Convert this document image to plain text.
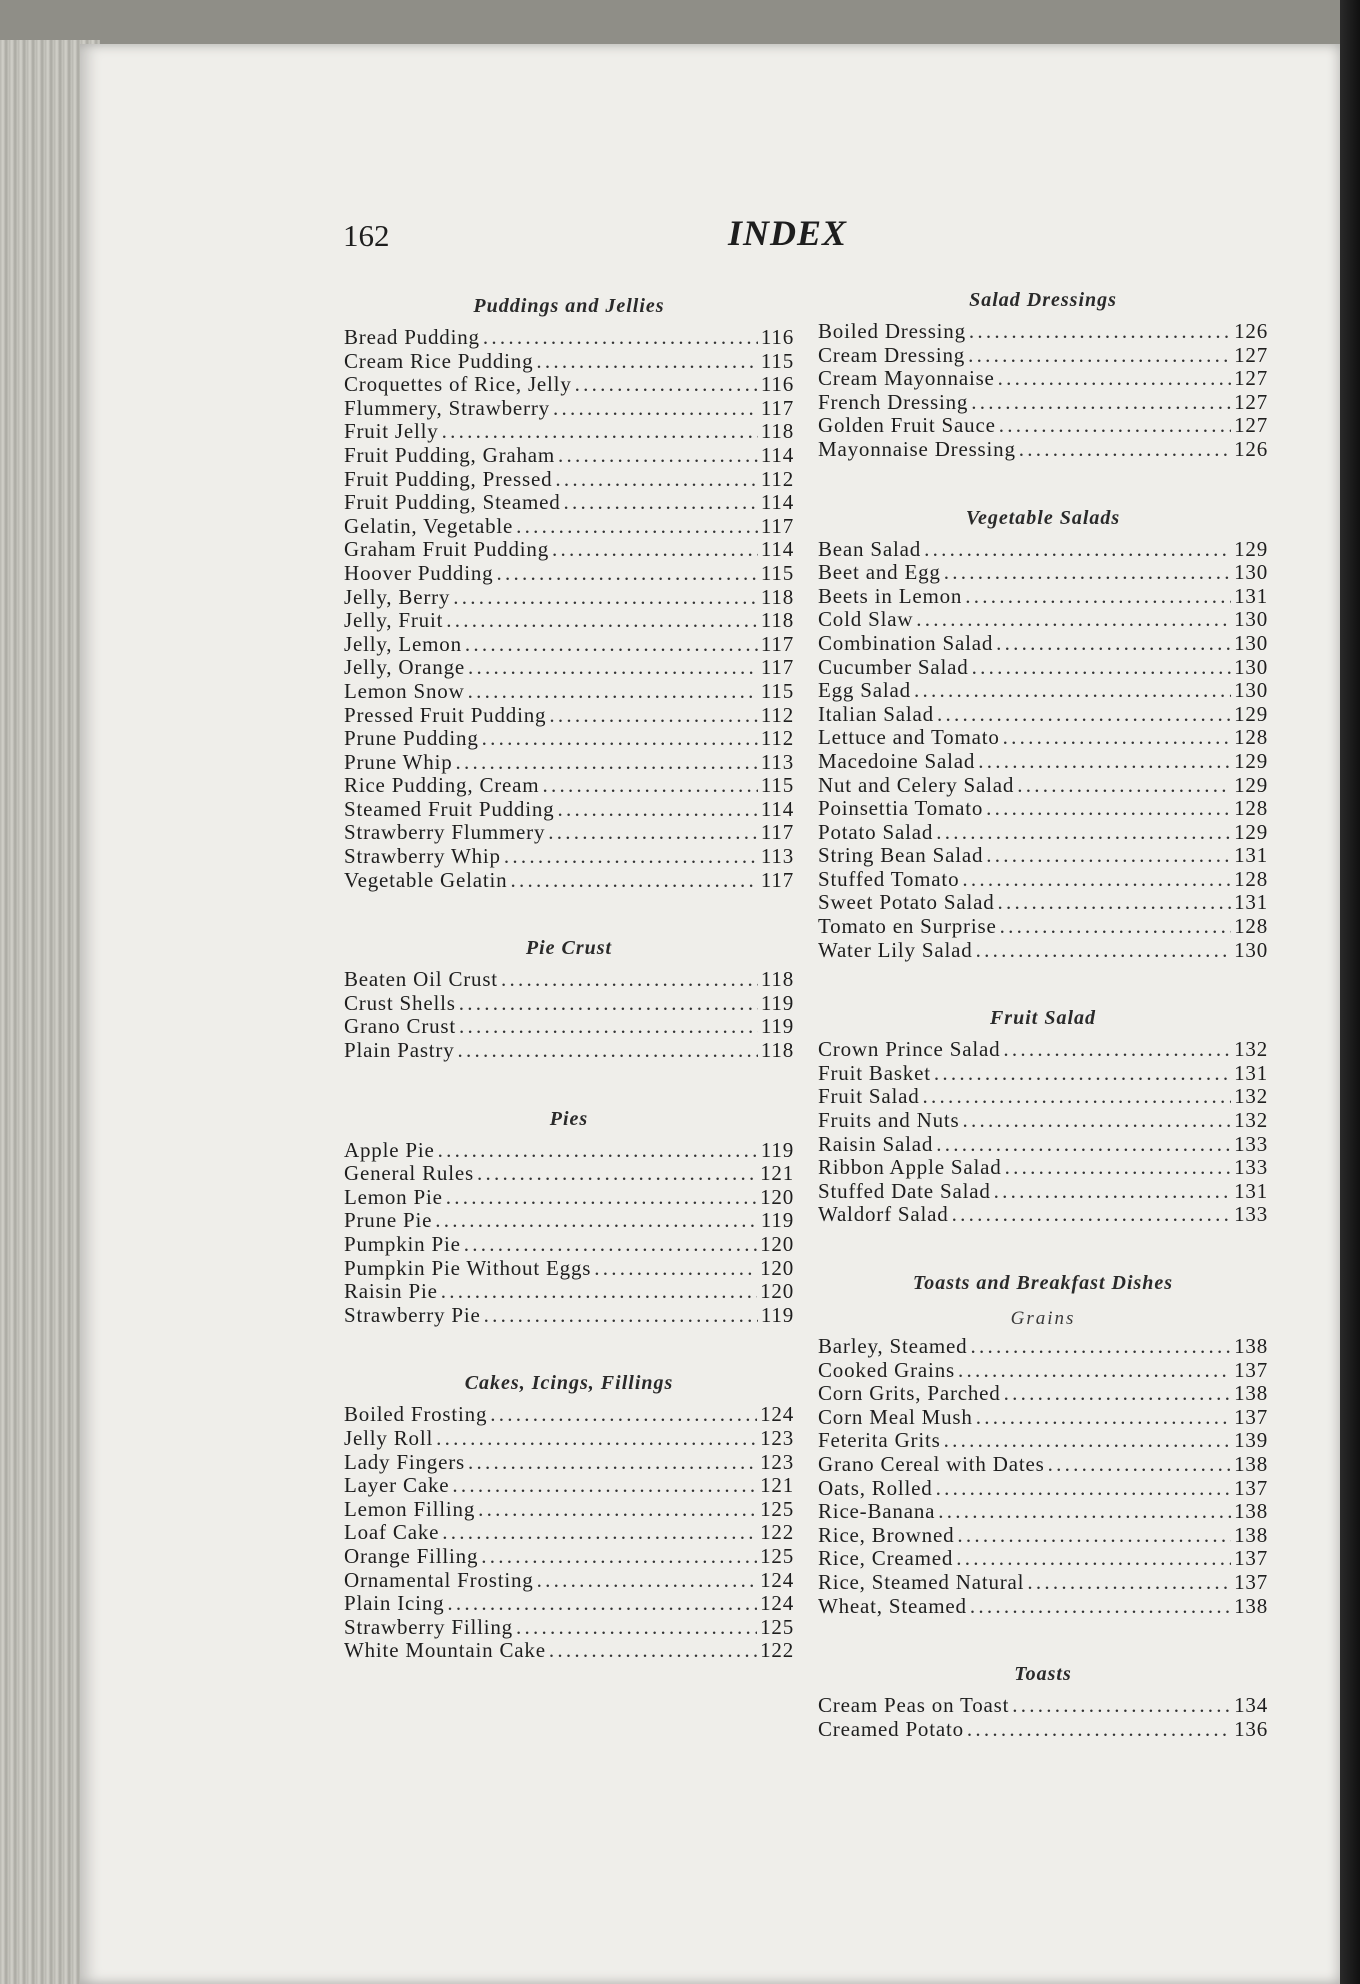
162	INDEX
Puddings and Jellies
Bread Pudding . . .	116
Cream Rice Pudding . . .	115
Croquettes of Rice, Jelly . . .	116
Flummery, Strawberry . . .	117
Fruit Jelly . . .	118
Fruit Pudding, Graham . . .	114
Fruit Pudding, Pressed . . .	112
Fruit Pudding, Steamed . . .	114
Gelatin, Vegetable . . .	117
Graham Fruit Pudding . . .	114
Hoover Pudding . . .	115
Jelly, Berry . . .	118
Jelly, Fruit . . .	118
Jelly, Lemon . . .	117
Jelly, Orange . . .	117
Lemon Snow . . .	115
Pressed Fruit Pudding . . .	112
Prune Pudding . . .	112
Prune Whip . . .	113
Rice Pudding, Cream . . .	115
Steamed Fruit Pudding . . .	114
Strawberry Flummery . . .	117
Strawberry Whip . . .	113
Vegetable Gelatin . . .	117
Pie Crust
Beaten Oil Crust . . .	118
Crust Shells . . .	119
Grano Crust . . .	119
Plain Pastry . . .	118
Pies
Apple Pie . . .	119
General Rules . . .	121
Lemon Pie . . .	120
Prune Pie . . .	119
Pumpkin Pie . . .	120
Pumpkin Pie Without Eggs . . .	120
Raisin Pie . . .	120
Strawberry Pie . . .	119
Cakes, Icings, Fillings
Boiled Frosting . . .	124
Jelly Roll . . .	123
Lady Fingers . . .	123
Layer Cake . . .	121
Lemon Filling . . .	125
Loaf Cake . . .	122
Orange Filling . . .	125
Ornamental Frosting . . .	124
Plain Icing . . .	124
Strawberry Filling . . .	125
White Mountain Cake . . .	122
Salad Dressings
Boiled Dressing . . .	126
Cream Dressing . . .	127
Cream Mayonnaise . . .	127
French Dressing . . .	127
Golden Fruit Sauce . . .	127
Mayonnaise Dressing . . .	126
Vegetable Salads
Bean Salad . . .	129
Beet and Egg . . .	130
Beets in Lemon . . .	131
Cold Slaw . . .	130
Combination Salad . . .	130
Cucumber Salad . . .	130
Egg Salad . . .	130
Italian Salad . . .	129
Lettuce and Tomato . . .	128
Macedoine Salad . . .	129
Nut and Celery Salad . . .	129
Poinsettia Tomato . . .	128
Potato Salad . . .	129
String Bean Salad . . .	131
Stuffed Tomato . . .	128
Sweet Potato Salad . . .	131
Tomato en Surprise . . .	128
Water Lily Salad . . .	130
Fruit Salad
Crown Prince Salad . . .	132
Fruit Basket . . .	131
Fruit Salad . . .	132
Fruits and Nuts . . .	132
Raisin Salad . . .	133
Ribbon Apple Salad . . .	133
Stuffed Date Salad . . .	131
Waldorf Salad . . .	133
Toasts and Breakfast Dishes
Grains
Barley, Steamed . . .	138
Cooked Grains . . .	137
Corn Grits, Parched . . .	138
Corn Meal Mush . . .	137
Feterita Grits . . .	139
Grano Cereal with Dates . . .	138
Oats, Rolled . . .	137
Rice-Banana . . .	138
Rice, Browned . . .	138
Rice, Creamed . . .	137
Rice, Steamed Natural . . .	137
Wheat, Steamed . . .	138
Toasts
Cream Peas on Toast . . .	134
Creamed Potato . . .	136
